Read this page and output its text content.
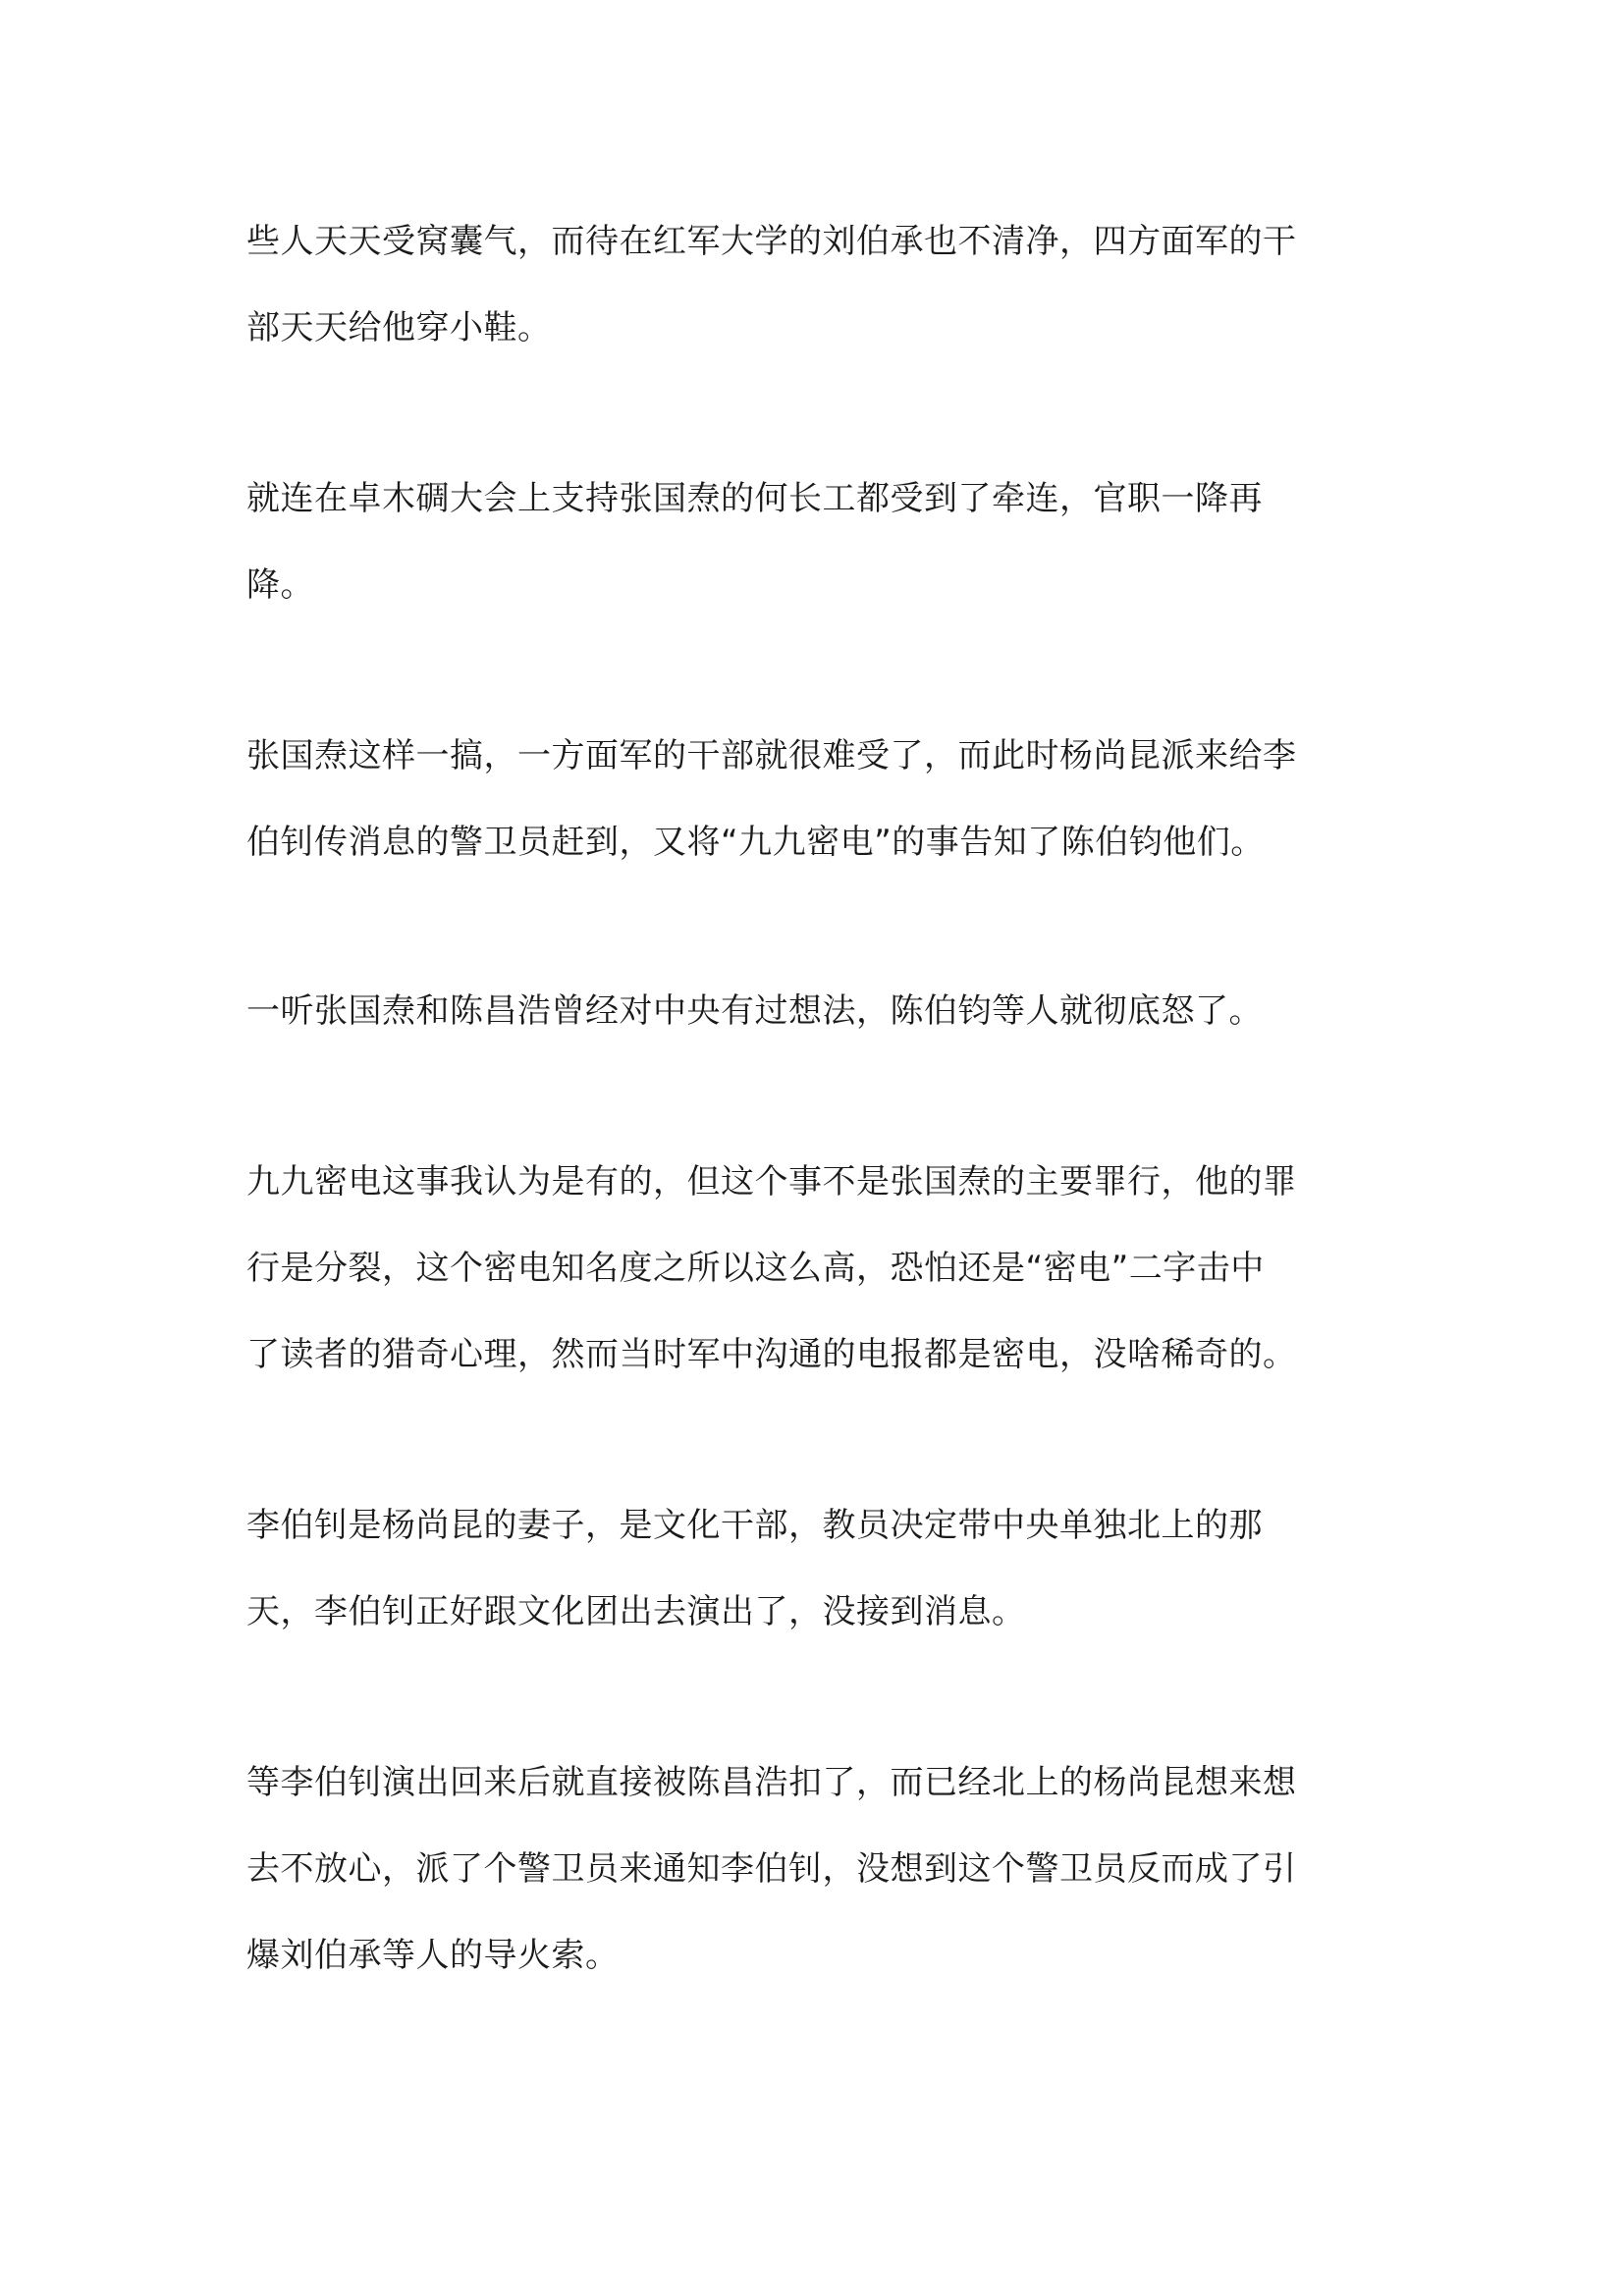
些人天天受窝囊气，而待在红军大学的刘伯承也不清净，四方面军的干

部天天给他穿小鞋。

就连在卓木碉大会上支持张国焘的何长工都受到了牵连，官职一降再

降。

张国焘这样一搞，一方面军的干部就很难受了，而此时杨尚昆派来给李

伯钊传消息的警卫员赶到，又将“九九密电”的事告知了陈伯钧他们。

一听张国焘和陈昌浩曾经对中央有过想法，陈伯钧等人就彻底怒了。

九九密电这事我认为是有的，但这个事不是张国焘的主要罪行，他的罪

行是分裂，这个密电知名度之所以这么高，恐怕还是“密电”二字击中

了读者的猎奇心理，然而当时军中沟通的电报都是密电，没啥稀奇的。

李伯钊是杨尚昆的妻子，是文化干部，教员决定带中央单独北上的那

天，李伯钊正好跟文化团出去演出了，没接到消息。

等李伯钊演出回来后就直接被陈昌浩扣了，而已经北上的杨尚昆想来想

去不放心，派了个警卫员来通知李伯钊，没想到这个警卫员反而成了引

爆刘伯承等人的导火索。
